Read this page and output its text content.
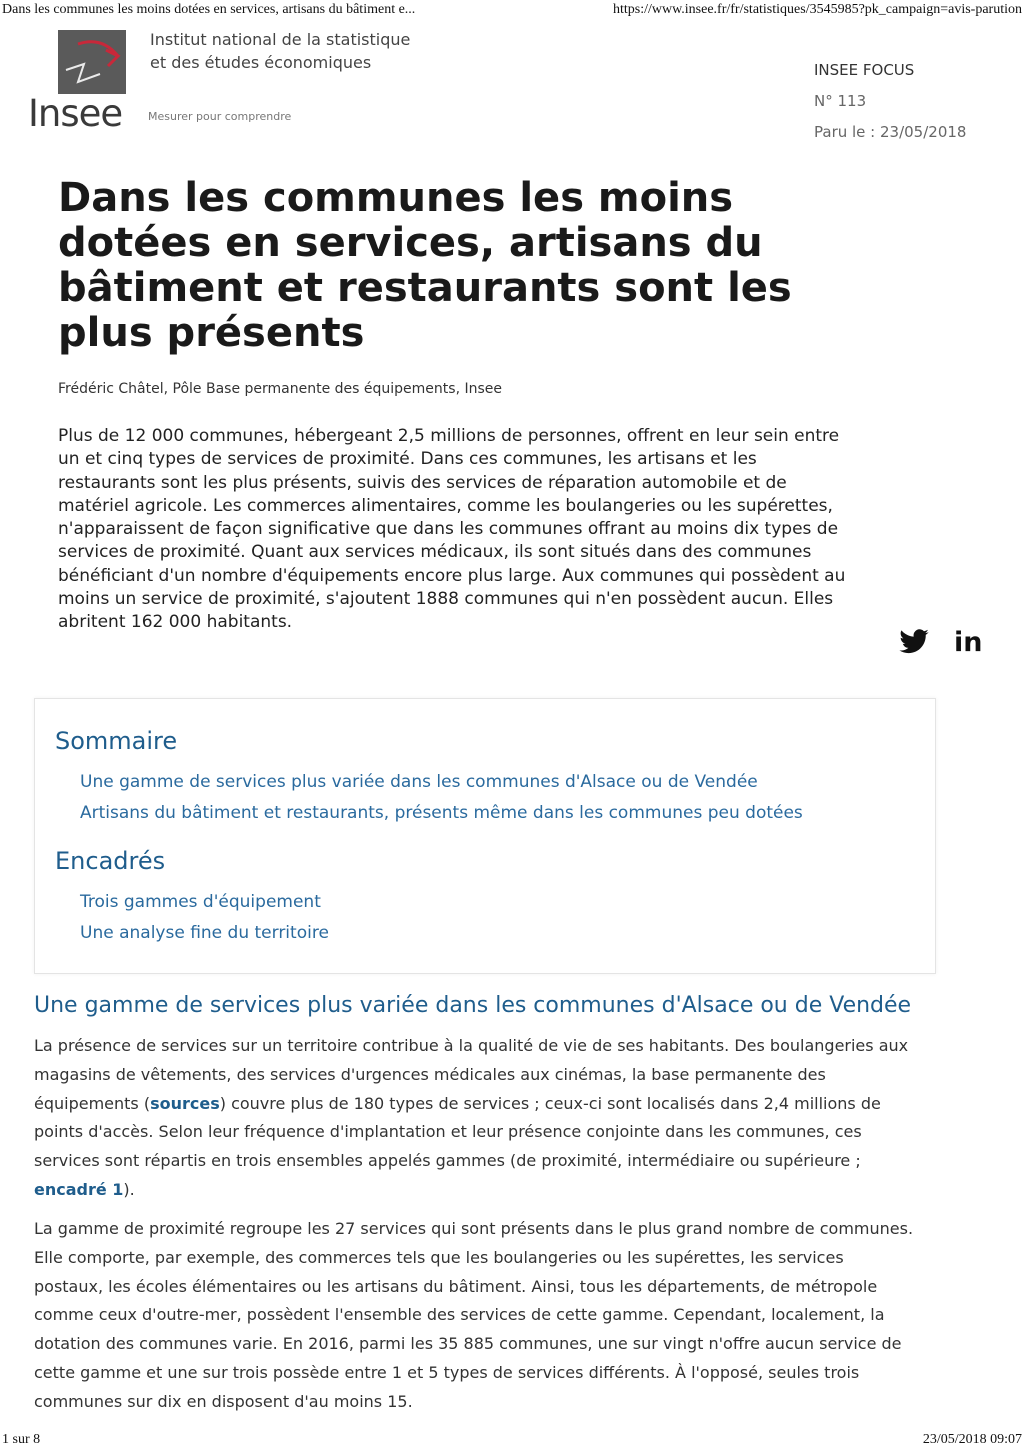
Dans les communes les moins dotées en services, artisans du bâtiment e...	https://www.insee.fr/fr/statistiques/3545985?pk_campaign=avis-parution
Insee
Institut national de la statistique
et des études économiques
Mesurer pour comprendre
INSEE FOCUS
N° 113
Paru le : 23/05/2018
Dans les communes les moins dotées en services, artisans du bâtiment et restaurants sont les plus présents
Frédéric Châtel, Pôle Base permanente des équipements, Insee

Plus de 12 000 communes, hébergeant 2,5 millions de personnes, offrent en leur sein entre un et cinq types de services de proximité. Dans ces communes, les artisans et les restaurants sont les plus présents, suivis des services de réparation automobile et de matériel agricole. Les commerces alimentaires, comme les boulangeries ou les supérettes, n'apparaissent de façon significative que dans les communes offrant au moins dix types de services de proximité. Quant aux services médicaux, ils sont situés dans des communes bénéficiant d'un nombre d'équipements encore plus large. Aux communes qui possèdent au moins un service de proximité, s'ajoutent 1888 communes qui n'en possèdent aucun. Elles abritent 162 000 habitants.

in
Sommaire
Une gamme de services plus variée dans les communes d'Alsace ou de Vendée
Artisans du bâtiment et restaurants, présents même dans les communes peu dotées
Encadrés
Trois gammes d'équipement
Une analyse fine du territoire
Une gamme de services plus variée dans les communes d'Alsace ou de Vendée

La présence de services sur un territoire contribue à la qualité de vie de ses habitants. Des boulangeries aux magasins de vêtements, des services d'urgences médicales aux cinémas, la base permanente des équipements (sources) couvre plus de 180 types de services ; ceux-ci sont localisés dans 2,4 millions de points d'accès. Selon leur fréquence d'implantation et leur présence conjointe dans les communes, ces services sont répartis en trois ensembles appelés gammes (de proximité, intermédiaire ou supérieure ; encadré 1).

La gamme de proximité regroupe les 27 services qui sont présents dans le plus grand nombre de communes. Elle comporte, par exemple, des commerces tels que les boulangeries ou les supérettes, les services postaux, les écoles élémentaires ou les artisans du bâtiment. Ainsi, tous les départements, de métropole comme ceux d'outre-mer, possèdent l'ensemble des services de cette gamme. Cependant, localement, la dotation des communes varie. En 2016, parmi les 35 885 communes, une sur vingt n'offre aucun service de cette gamme et une sur trois possède entre 1 et 5 types de services différents. À l'opposé, seules trois communes sur dix en disposent d'au moins 15.

1 sur 8	23/05/2018 09:07
